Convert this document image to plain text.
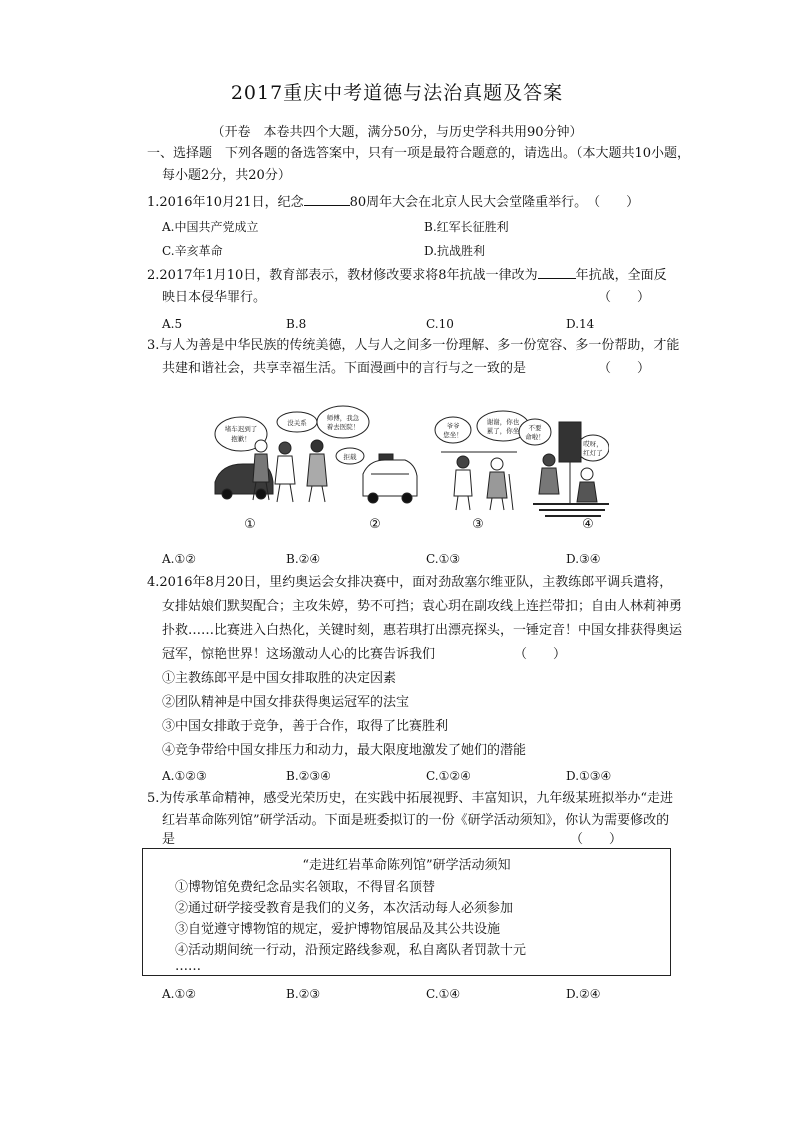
2017重庆中考道德与法治真题及答案
（开卷　本卷共四个大题，满分50分，与历史学科共用90分钟）
一、选择题　下列各题的备选答案中，只有一项是最符合题意的，请选出。（本大题共10小题，
每小题2分，共20分）
1.2016年10月21日，纪念	80周年大会在北京人民大会堂隆重举行。　（　　）
A.中国共产党成立	B.红军长征胜利
C.辛亥革命	D.抗战胜利
2.2017年1月10日，教育部表示，教材修改要求将8年抗战一律改为	年抗战，全面反
映日本侵华罪行。	（　　）
A.5	B.8	C.10	D.14
3.与人为善是中华民族的传统美德，人与人之间多一份理解、多一份宽容、多一份帮助，才能
共建和谐社会，共享幸福生活。下面漫画中的言行与之一致的是	（　　）
堵车迟到了
抱歉！
没关系
①
师傅，我急
着去医院！
拒载
②
爷爷
您坐！
谢谢，你也
累了，你坐
③
不要
命啦！
哎呀，
红灯了
④
A.①②	B.②④	C.①③	D.③④
4.2016年8月20日，里约奥运会女排决赛中，面对劲敌塞尔维亚队，主教练郎平调兵遣将，
女排姑娘们默契配合；主攻朱婷，势不可挡；袁心玥在副攻线上连拦带扣；自由人林莉神勇
扑救……比赛进入白热化，关键时刻，惠若琪打出漂亮探头，一锤定音！中国女排获得奥运
冠军，惊艳世界！这场激动人心的比赛告诉我们	（　　）
①主教练郎平是中国女排取胜的决定因素
②团队精神是中国女排获得奥运冠军的法宝
③中国女排敢于竞争，善于合作，取得了比赛胜利
④竞争带给中国女排压力和动力，最大限度地激发了她们的潜能
A.①②③	B.②③④	C.①②④	D.①③④
5.为传承革命精神，感受光荣历史，在实践中拓展视野、丰富知识，九年级某班拟举办“走进
红岩革命陈列馆”研学活动。下面是班委拟订的一份《研学活动须知》，你认为需要修改的
是	（　　）
“走进红岩革命陈列馆”研学活动须知
①博物馆免费纪念品实名领取，不得冒名顶替
②通过研学接受教育是我们的义务，本次活动每人必须参加
③自觉遵守博物馆的规定，爱护博物馆展品及其公共设施
④活动期间统一行动，沿预定路线参观，私自离队者罚款十元
……
A.①②	B.②③	C.①④	D.②④
